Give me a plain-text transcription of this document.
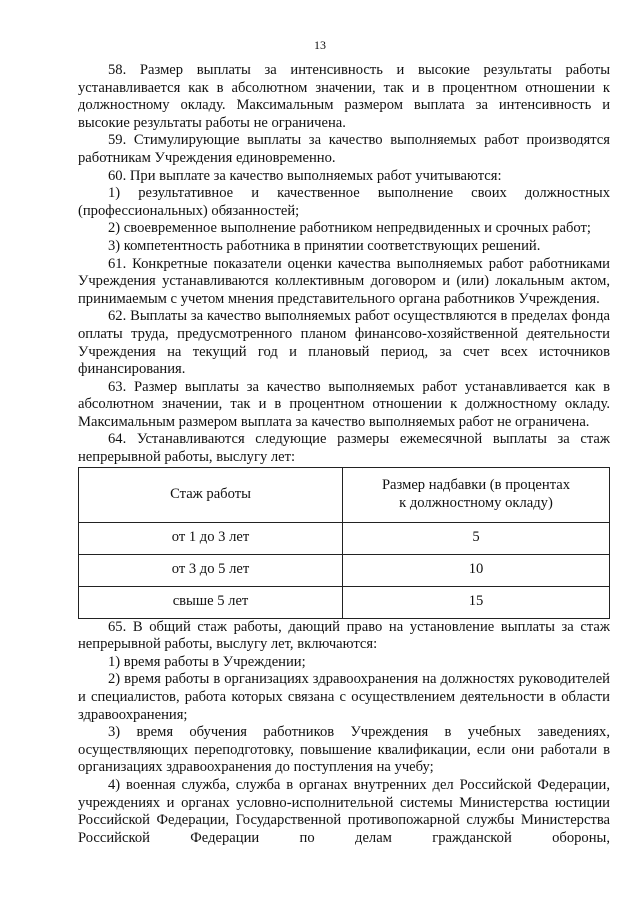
13

58. Размер выплаты за интенсивность и высокие результаты работы устанавливается как в абсолютном значении, так и в процентном отношении к должностному окладу. Максимальным размером выплата за интенсивность и высокие результаты работы не ограничена.

59. Стимулирующие выплаты за качество выполняемых работ производятся работникам Учреждения единовременно.

60. При выплате за качество выполняемых работ учитываются:

1) результативное и качественное выполнение своих должностных (профессиональных) обязанностей;

2) своевременное выполнение работником непредвиденных и срочных работ;

3) компетентность работника в принятии соответствующих решений.

61. Конкретные показатели оценки качества выполняемых работ работниками Учреждения устанавливаются коллективным договором и (или) локальным актом, принимаемым с учетом мнения представительного органа работников Учреждения.

62. Выплаты за качество выполняемых работ осуществляются в пределах фонда оплаты труда, предусмотренного планом финансово-хозяйственной деятельности Учреждения на текущий год и плановый период, за счет всех источников финансирования.

63. Размер выплаты за качество выполняемых работ устанавливается как в абсолютном значении, так и в процентном отношении к должностному окладу. Максимальным размером выплата за качество выполняемых работ не ограничена.

64. Устанавливаются следующие размеры ежемесячной выплаты за стаж непрерывной работы, выслугу лет:

Стаж работы	Размер надбавки (в процентах
к должностному окладу)
от 1 до 3 лет	5
от 3 до 5 лет	10
свыше 5 лет	15

65. В общий стаж работы, дающий право на установление выплаты за стаж непрерывной работы, выслугу лет, включаются:

1) время работы в Учреждении;

2) время работы в организациях здравоохранения на должностях руководителей и специалистов, работа которых связана с осуществлением деятельности в области здравоохранения;

3) время обучения работников Учреждения в учебных заведениях, осуществляющих переподготовку, повышение квалификации, если они работали в организациях здравоохранения до поступления на учебу;

4) военная служба, служба в органах внутренних дел Российской Федерации, учреждениях и органах условно-исполнительной системы Министерства юстиции Российской Федерации, Государственной противопожарной службы Министерства Российской Федерации по делам гражданской обороны,
